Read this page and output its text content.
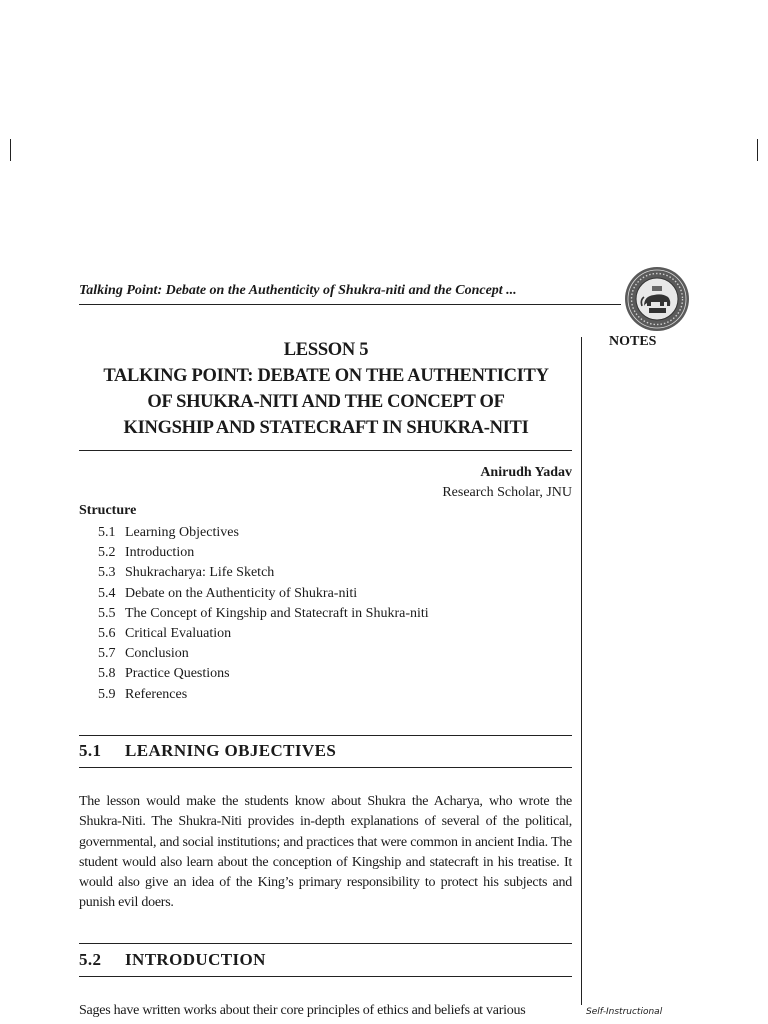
Talking Point: Debate on the Authenticity of Shukra-niti and the Concept ...
NOTES
LESSON 5
TALKING POINT: DEBATE ON THE AUTHENTICITY
OF SHUKRA-NITI AND THE CONCEPT OF
KINGSHIP AND STATECRAFT IN SHUKRA-NITI
Anirudh Yadav
Research Scholar, JNU
Structure
5.1 Learning Objectives
5.2 Introduction
5.3 Shukracharya: Life Sketch
5.4 Debate on the Authenticity of Shukra-niti
5.5 The Concept of Kingship and Statecraft in Shukra-niti
5.6 Critical Evaluation
5.7 Conclusion
5.8 Practice Questions
5.9 References
5.1 LEARNING OBJECTIVES

The lesson would make the students know about Shukra the Acharya, who wrote the Shukra-Niti. The Shukra-Niti provides in-depth explanations of several of the political, governmental, and social institutions; and practices that were common in ancient India. The student would also learn about the conception of Kingship and statecraft in his treatise. It would also give an idea of the King’s primary responsibility to protect his subjects and punish evil doers.

5.2 INTRODUCTION

Sages have written works about their core principles of ethics and beliefs at various	Self-Instructional
